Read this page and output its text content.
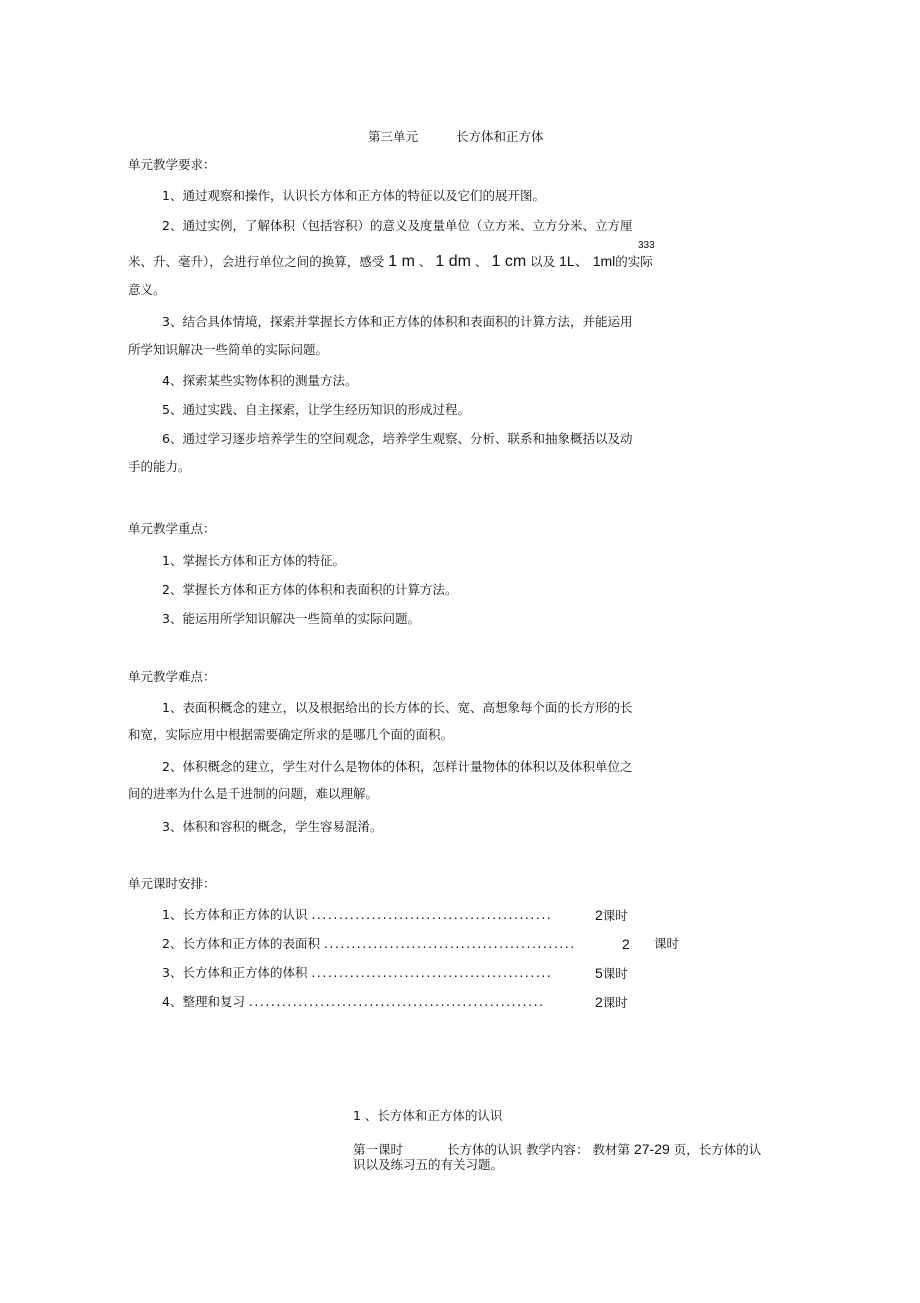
第三单元	长方体和正方体
单元教学要求：
1、通过观察和操作，认识长方体和正方体的特征以及它们的展开图。
2、通过实例，了解体积（包括容积）的意义及度量单位（立方米、立方分米、立方厘
333
米、升、毫升），会进行单位之间的换算，感受 1 m 、 1 dm 、 1 cm 以及 1L、 1ml的实际
意义。
3、结合具体情境，探索并掌握长方体和正方体的体积和表面积的计算方法，并能运用
所学知识解决一些简单的实际问题。
4、探索某些实物体积的测量方法。
5、通过实践、自主探索，让学生经历知识的形成过程。
6、通过学习逐步培养学生的空间观念，培养学生观察、分析、联系和抽象概括以及动
手的能力。
单元教学重点：
1、掌握长方体和正方体的特征。
2、掌握长方体和正方体的体积和表面积的计算方法。
3、能运用所学知识解决一些简单的实际问题。
单元教学难点：
1、表面积概念的建立，以及根据给出的长方体的长、宽、高想象每个面的长方形的长
和宽，实际应用中根据需要确定所求的是哪几个面的面积。
2、体积概念的建立，学生对什么是物体的体积，怎样计量物体的体积以及体积单位之
间的进率为什么是千进制的问题，难以理解。
3、体积和容积的概念，学生容易混淆。
单元课时安排：
1、长方体和正方体的认识 ............................................	2课时
2、长方体和正方体的表面积 ..............................................	2 课时
3、长方体和正方体的体积 ............................................	5课时
4、整理和复习 ......................................................	2课时
1 、长方体和正方体的认识
第一课时	长方体的认识 教学内容： 教材第 27-29 页，长方体的认
识以及练习五的有关习题。
